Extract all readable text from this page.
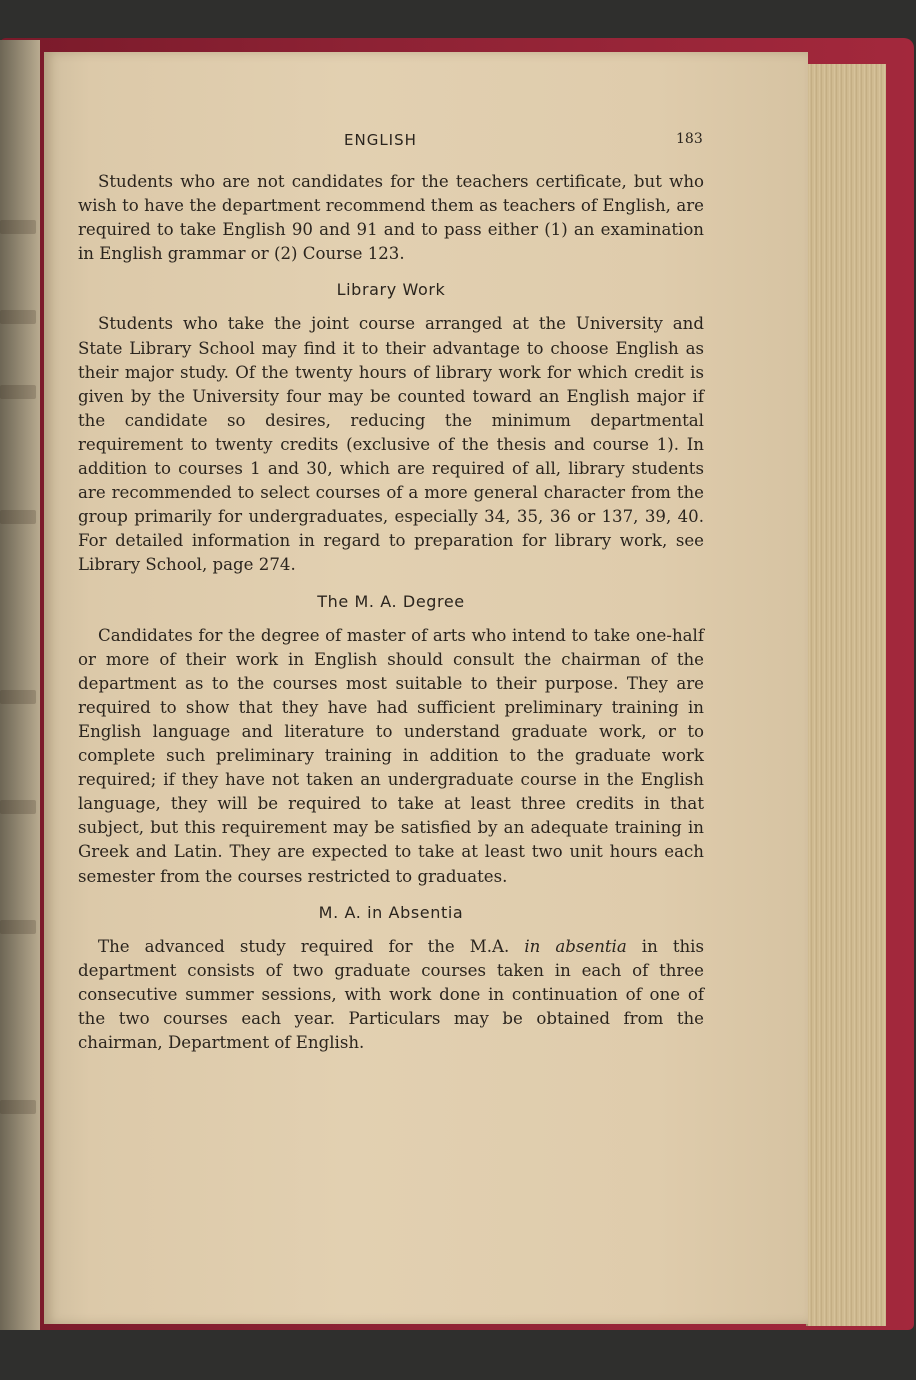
ENGLISH	183

Students who are not candidates for the teachers certificate, but who wish to have the department recommend them as teachers of English, are required to take English 90 and 91 and to pass either (1) an examination in English grammar or (2) Course 123.

Library Work

Students who take the joint course arranged at the University and State Library School may find it to their advantage to choose English as their major study. Of the twenty hours of library work for which credit is given by the University four may be counted toward an English major if the candidate so desires, reducing the minimum departmental requirement to twenty credits (exclusive of the thesis and course 1). In addition to courses 1 and 30, which are required of all, library students are recommended to select courses of a more general character from the group primarily for undergraduates, especially 34, 35, 36 or 137, 39, 40. For detailed information in regard to preparation for library work, see Library School, page 274.

The M. A. Degree

Candidates for the degree of master of arts who intend to take one-half or more of their work in English should consult the chairman of the department as to the courses most suitable to their purpose. They are required to show that they have had sufficient preliminary training in English language and literature to understand graduate work, or to complete such preliminary training in addition to the graduate work required; if they have not taken an undergraduate course in the English language, they will be required to take at least three credits in that subject, but this requirement may be satisfied by an adequate training in Greek and Latin. They are expected to take at least two unit hours each semester from the courses restricted to graduates.

M. A. in Absentia

The advanced study required for the M.A. in absentia in this department consists of two graduate courses taken in each of three consecutive summer sessions, with work done in continuation of one of the two courses each year. Particulars may be obtained from the chairman, Department of English.
